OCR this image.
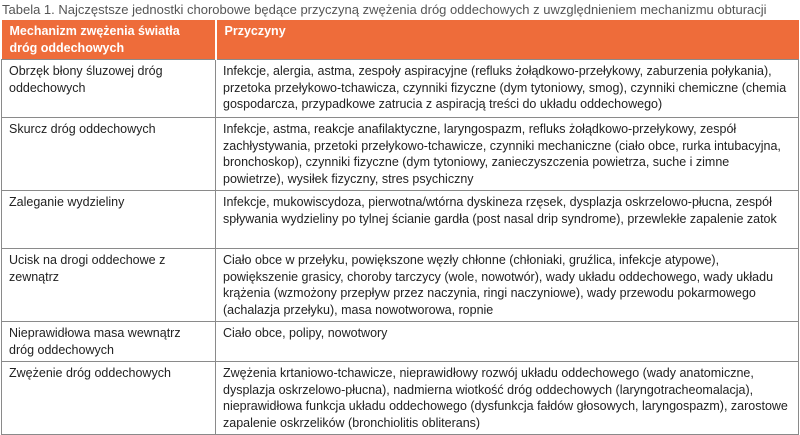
Tabela 1. Najczęstsze jednostki chorobowe będące przyczyną zwężenia dróg oddechowych z uwzględnieniem mechanizmu obturacji
Mechanizm zwężenia światła dróg oddechowych	Przyczyny
Obrzęk błony śluzowej dróg oddechowych	Infekcje, alergia, astma, zespoły aspiracyjne (refluks żołądkowo-przełykowy, zaburzenia połykania), przetoka przełykowo-tchawicza, czynniki fizyczne (dym tytoniowy, smog), czynniki chemiczne (chemia gospodarcza, przypadkowe zatrucia z aspiracją treści do układu oddechowego)
Skurcz dróg oddechowych	Infekcje, astma, reakcje anafilaktyczne, laryngospazm, refluks żołądkowo-przełykowy, zespół zachłystywania, przetoki przełykowo-tchawicze, czynniki mechaniczne (ciało obce, rurka intubacyjna, bronchoskop), czynniki fizyczne (dym tytoniowy, zanieczyszczenia powietrza, suche i zimne powietrze), wysiłek fizyczny, stres psychiczny
Zaleganie wydzieliny	Infekcje, mukowiscydoza, pierwotna/wtórna dyskineza rzęsek, dysplazja oskrzelowo-płucna, zespół spływania wydzieliny po tylnej ścianie gardła (post nasal drip syndrome), przewlekłe zapalenie zatok
Ucisk na drogi oddechowe z zewnątrz	Ciało obce w przełyku, powiększone węzły chłonne (chłoniaki, gruźlica, infekcje atypowe), powiększenie grasicy, choroby tarczycy (wole, nowotwór), wady układu oddechowego, wady układu krążenia (wzmożony przepływ przez naczynia, ringi naczyniowe), wady przewodu pokarmowego (achalazja przełyku), masa nowotworowa, ropnie
Nieprawidłowa masa wewnątrz dróg oddechowych	Ciało obce, polipy, nowotwory
Zwężenie dróg oddechowych	Zwężenia krtaniowo-tchawicze, nieprawidłowy rozwój układu oddechowego (wady anatomiczne, dysplazja oskrzelowo-płucna), nadmierna wiotkość dróg oddechowych (laryngotracheomalacja), nieprawidłowa funkcja układu oddechowego (dysfunkcja fałdów głosowych, laryngospazm), zarostowe zapalenie oskrzelików (bronchiolitis obliterans)
